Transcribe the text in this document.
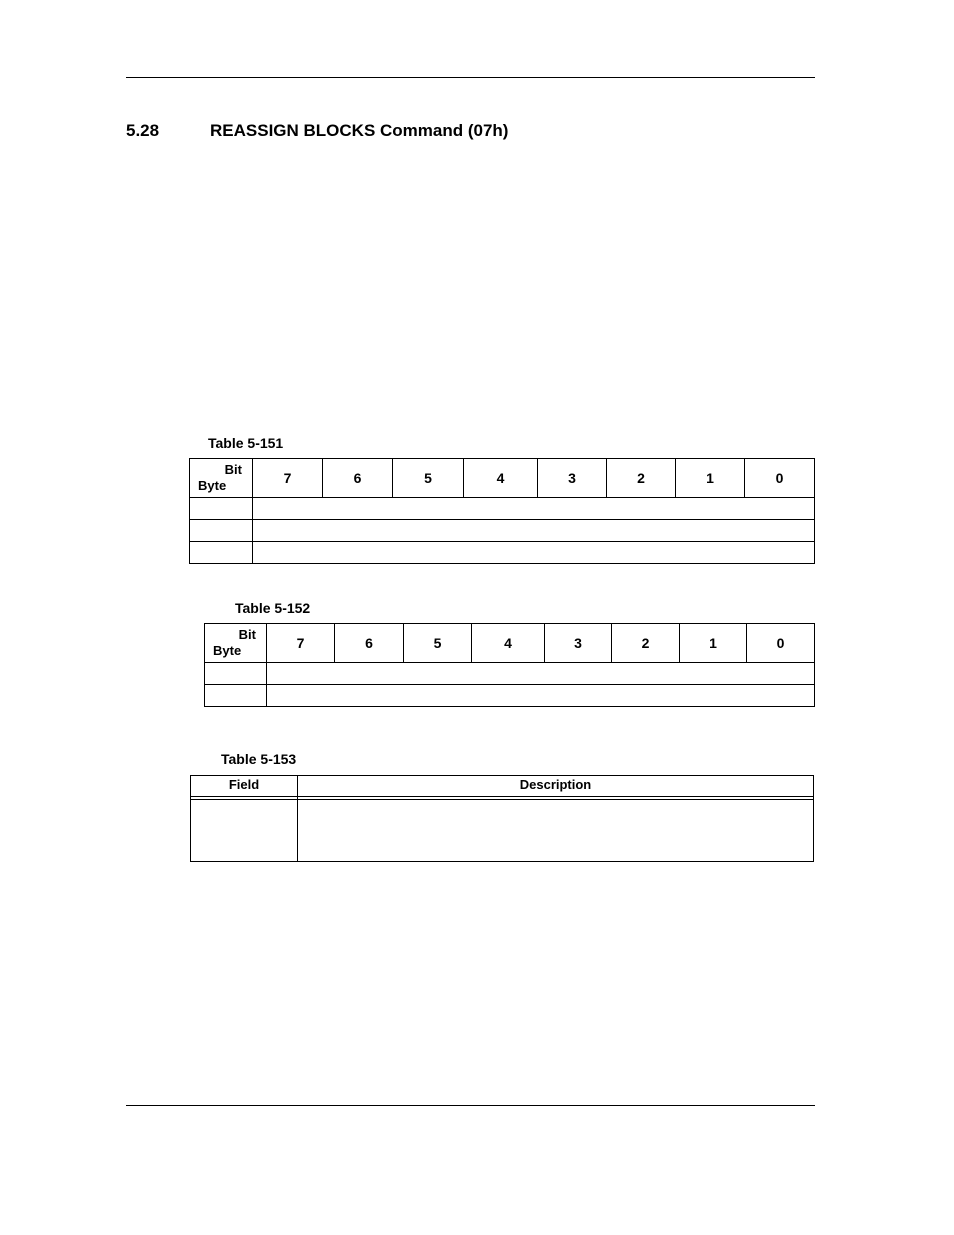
5.28	REASSIGN BLOCKS Command (07h)
Table 5-151
Bit
Byte	7	6	5	4	3	2	1	0

Table 5-152
Bit
Byte	7	6	5	4	3	2	1	0

Table 5-153
Field	Description
